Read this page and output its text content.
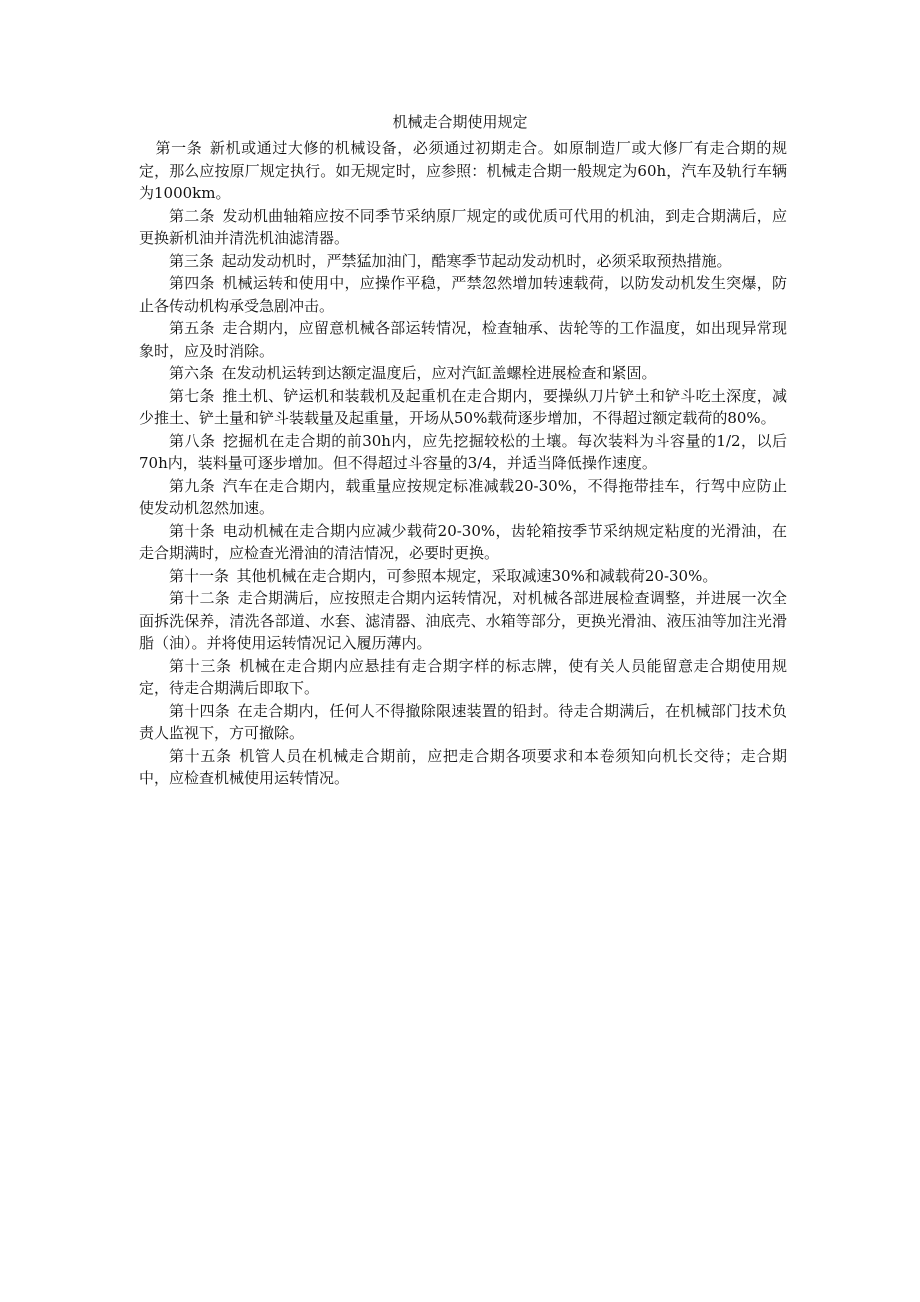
机械走合期使用规定

第一条 新机或通过大修的机械设备，必须通过初期走合。如原制造厂或大修厂有走合期的规定，那么应按原厂规定执行。如无规定时，应参照：机械走合期一般规定为60h，汽车及轨行车辆为1000km。

第二条 发动机曲轴箱应按不同季节采纳原厂规定的或优质可代用的机油，到走合期满后，应更换新机油并清洗机油滤清器。

第三条 起动发动机时，严禁猛加油门，酷寒季节起动发动机时，必须采取预热措施。

第四条 机械运转和使用中，应操作平稳，严禁忽然增加转速载荷，以防发动机发生突爆，防止各传动机构承受急剧冲击。

第五条 走合期内，应留意机械各部运转情况，检查轴承、齿轮等的工作温度，如出现异常现象时，应及时消除。

第六条 在发动机运转到达额定温度后，应对汽缸盖螺栓进展检查和紧固。

第七条 推土机、铲运机和装载机及起重机在走合期内，要操纵刀片铲土和铲斗吃土深度，减少推土、铲土量和铲斗装载量及起重量，开场从50%载荷逐步增加，不得超过额定载荷的80%。

第八条 挖掘机在走合期的前30h内，应先挖掘较松的土壤。每次装料为斗容量的1/2，以后70h内，装料量可逐步增加。但不得超过斗容量的3/4，并适当降低操作速度。

第九条 汽车在走合期内，载重量应按规定标准减载20-30%，不得拖带挂车，行驾中应防止使发动机忽然加速。

第十条 电动机械在走合期内应减少载荷20-30%，齿轮箱按季节采纳规定粘度的光滑油，在走合期满时，应检查光滑油的清洁情况，必要时更换。

第十一条 其他机械在走合期内，可参照本规定，采取减速30%和减载荷20-30%。

第十二条 走合期满后，应按照走合期内运转情况，对机械各部进展检查调整，并进展一次全面拆洗保养，清洗各部道、水套、滤清器、油底壳、水箱等部分，更换光滑油、液压油等加注光滑脂（油）。并将使用运转情况记入履历薄内。

第十三条 机械在走合期内应悬挂有走合期字样的标志牌，使有关人员能留意走合期使用规定，待走合期满后即取下。

第十四条 在走合期内，任何人不得撤除限速装置的铅封。待走合期满后，在机械部门技术负责人监视下，方可撤除。

第十五条 机管人员在机械走合期前，应把走合期各项要求和本卷须知向机长交待；走合期中，应检查机械使用运转情况。
